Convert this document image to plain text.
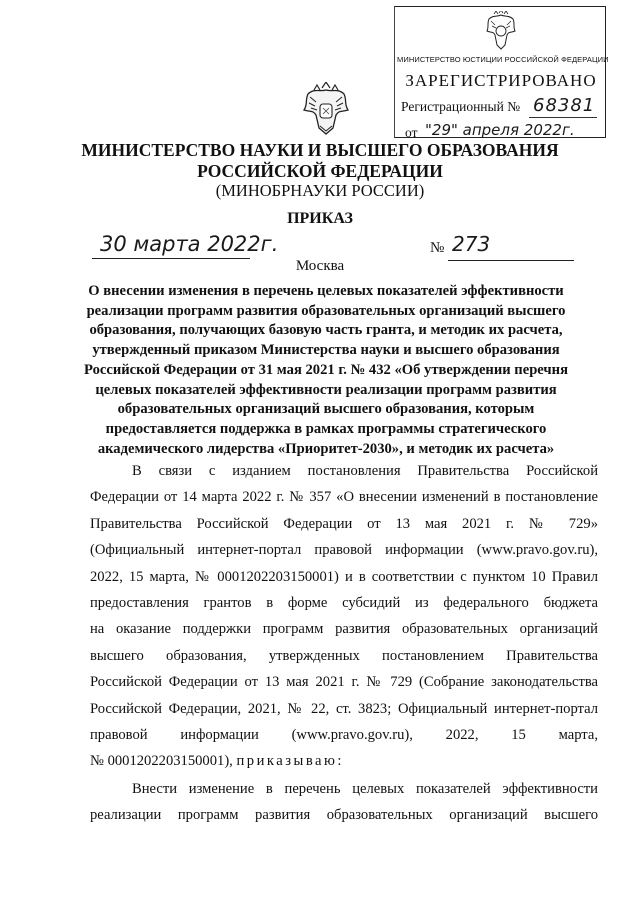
МИНИСТЕРСТВО ЮСТИЦИИ РОССИЙСКОЙ ФЕДЕРАЦИИ
ЗАРЕГИСТРИРОВАНО
Регистрационный № 68381
от "29" апреля 2022г.
МИНИСТЕРСТВО НАУКИ И ВЫСШЕГО ОБРАЗОВАНИЯ
РОССИЙСКОЙ ФЕДЕРАЦИИ
(МИНОБРНАУКИ РОССИИ)
ПРИКАЗ
30 марта 2022г.	№ 273
Москва
О внесении изменения в перечень целевых показателей эффективности
реализации программ развития образовательных организаций высшего
образования, получающих базовую часть гранта, и методик их расчета,
утвержденный приказом Министерства науки и высшего образования
Российской Федерации от 31 мая 2021 г. № 432 «Об утверждении перечня
целевых показателей эффективности реализации программ развития
образовательных организаций высшего образования, которым
предоставляется поддержка в рамках программы стратегического
академического лидерства «Приоритет-2030», и методик их расчета»
В связи с изданием постановления Правительства Российской
Федерации от 14 марта 2022 г. № 357 «О внесении изменений в постановление
Правительства Российской Федерации от 13 мая 2021 г. № 729»
(Официальный интернет-портал правовой информации (www.pravo.gov.ru),
2022, 15 марта, № 0001202203150001) и в соответствии с пунктом 10 Правил
предоставления грантов в форме субсидий из федерального бюджета
на оказание поддержки программ развития образовательных организаций
высшего образования, утвержденных постановлением Правительства
Российской Федерации от 13 мая 2021 г. № 729 (Собрание законодательства
Российской Федерации, 2021, № 22, ст. 3823; Официальный интернет-портал
правовой информации (www.pravo.gov.ru), 2022, 15 марта,
№ 0001202203150001), приказываю:
Внести изменение в перечень целевых показателей эффективности
реализации программ развития образовательных организаций высшего
